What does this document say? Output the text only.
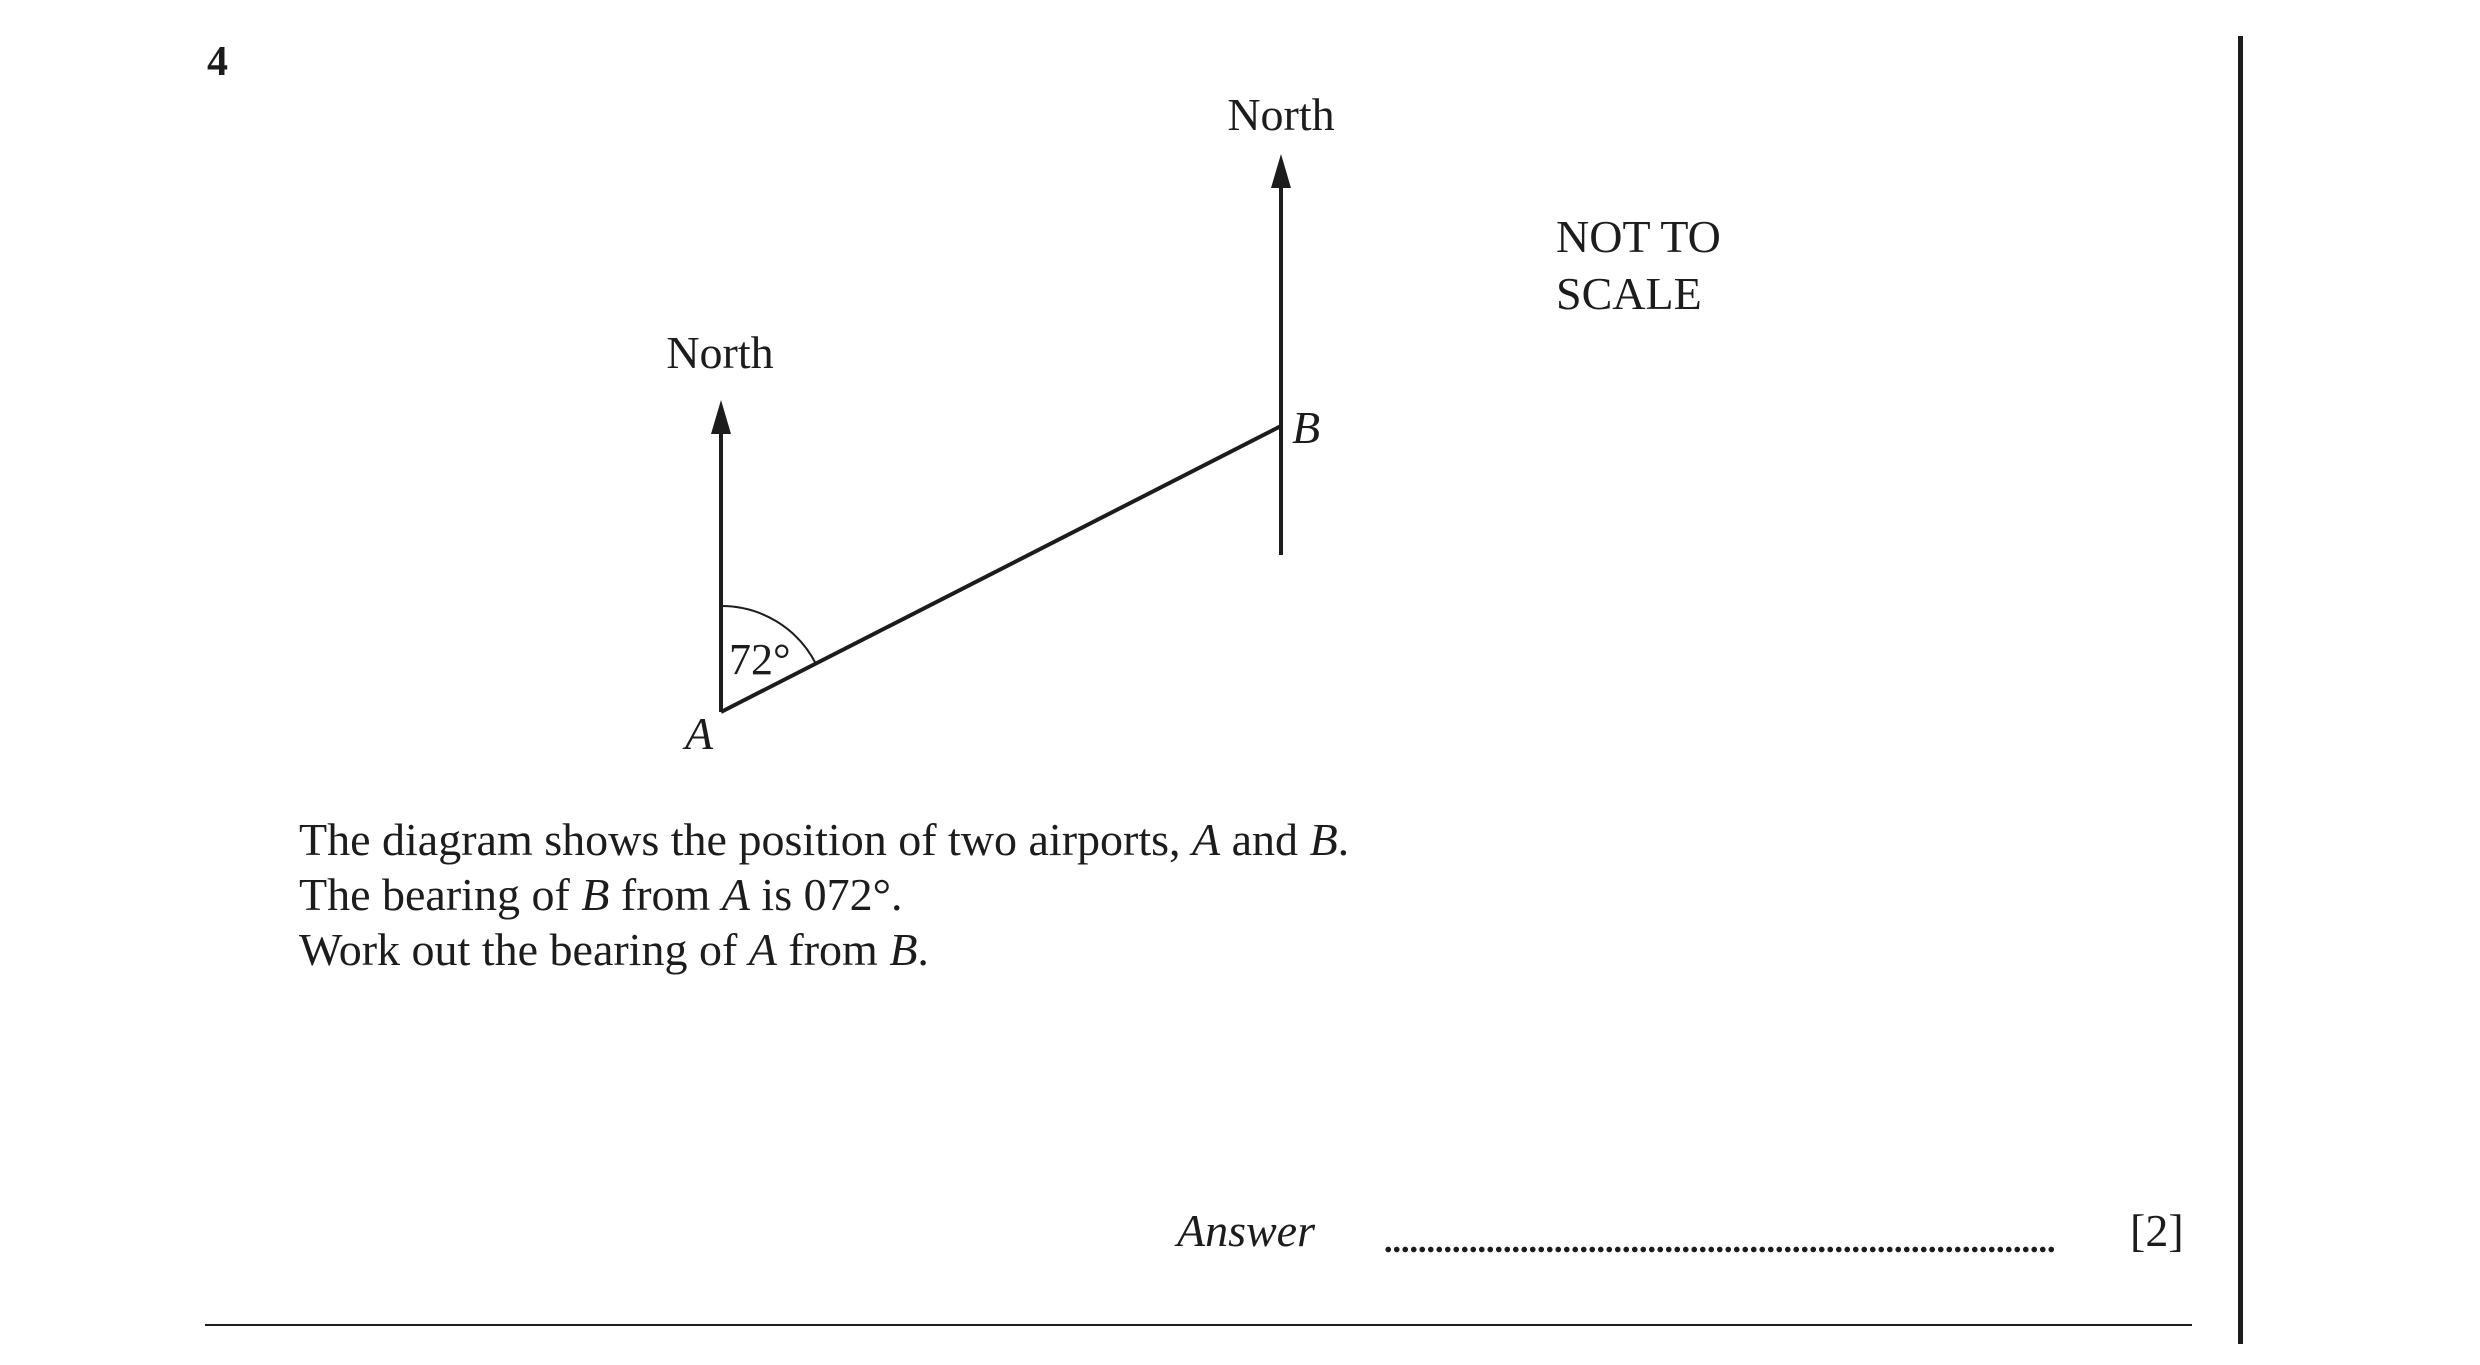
4
North
North
A
B
72°
NOT TO
SCALE

The diagram shows the position of two airports, A and B.

The bearing of B from A is 072°.

Work out the bearing of A from B.

Answer	[2]
